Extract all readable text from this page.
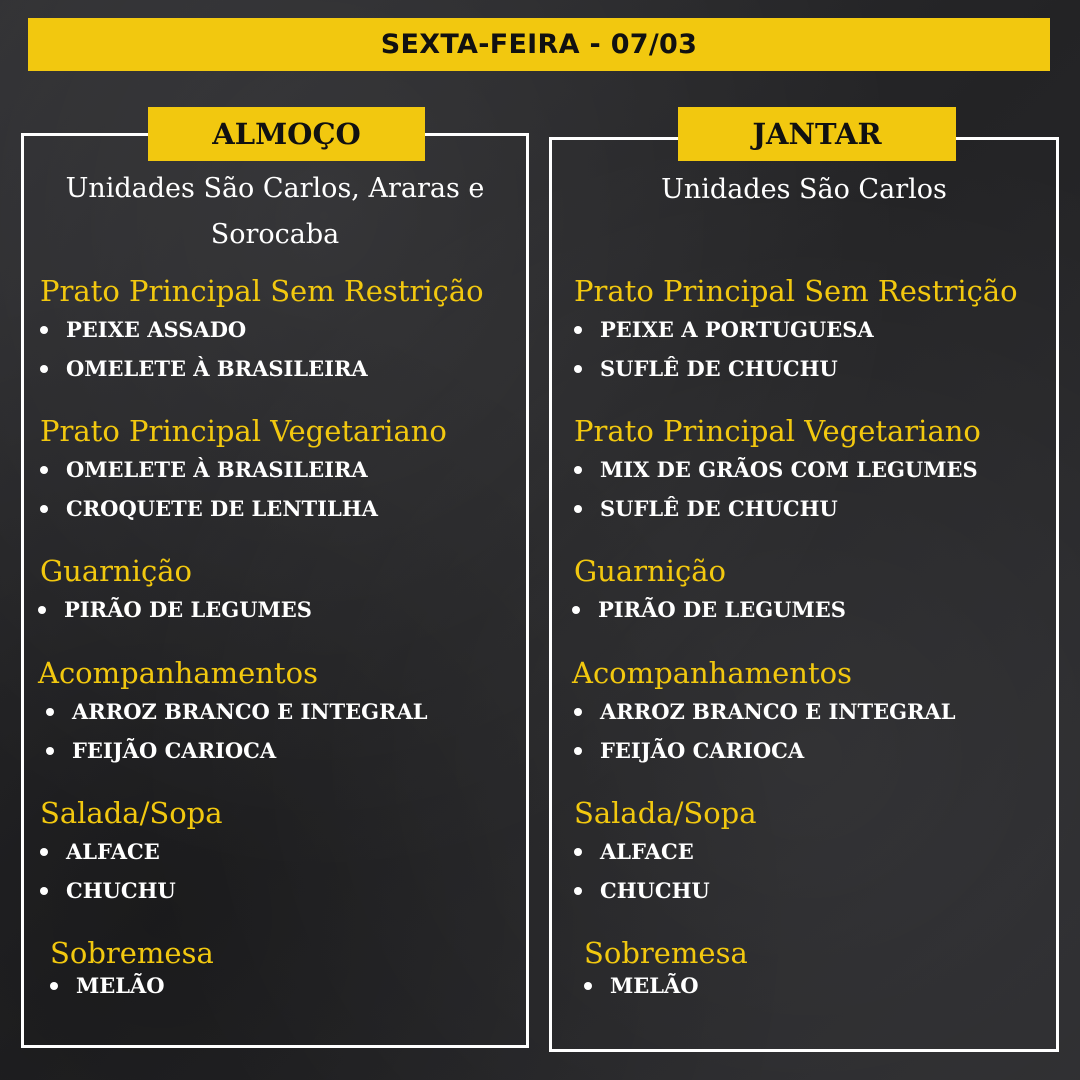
SEXTA-FEIRA - 07/03
ALMOÇO
Unidades São Carlos, Araras e Sorocaba
Prato Principal Sem Restrição
PEIXE ASSADO
OMELETE À BRASILEIRA
Prato Principal Vegetariano
OMELETE À BRASILEIRA
CROQUETE DE LENTILHA
Guarnição
PIRÃO DE LEGUMES
Acompanhamentos
ARROZ BRANCO E INTEGRAL
FEIJÃO CARIOCA
Salada/Sopa
ALFACE
CHUCHU
Sobremesa
MELÃO
JANTAR
Unidades São Carlos
Prato Principal Sem Restrição
PEIXE A PORTUGUESA
SUFLÊ DE CHUCHU
Prato Principal Vegetariano
MIX DE GRÃOS COM LEGUMES
SUFLÊ DE CHUCHU
Guarnição
PIRÃO DE LEGUMES
Acompanhamentos
ARROZ BRANCO E INTEGRAL
FEIJÃO CARIOCA
Salada/Sopa
ALFACE
CHUCHU
Sobremesa
MELÃO
